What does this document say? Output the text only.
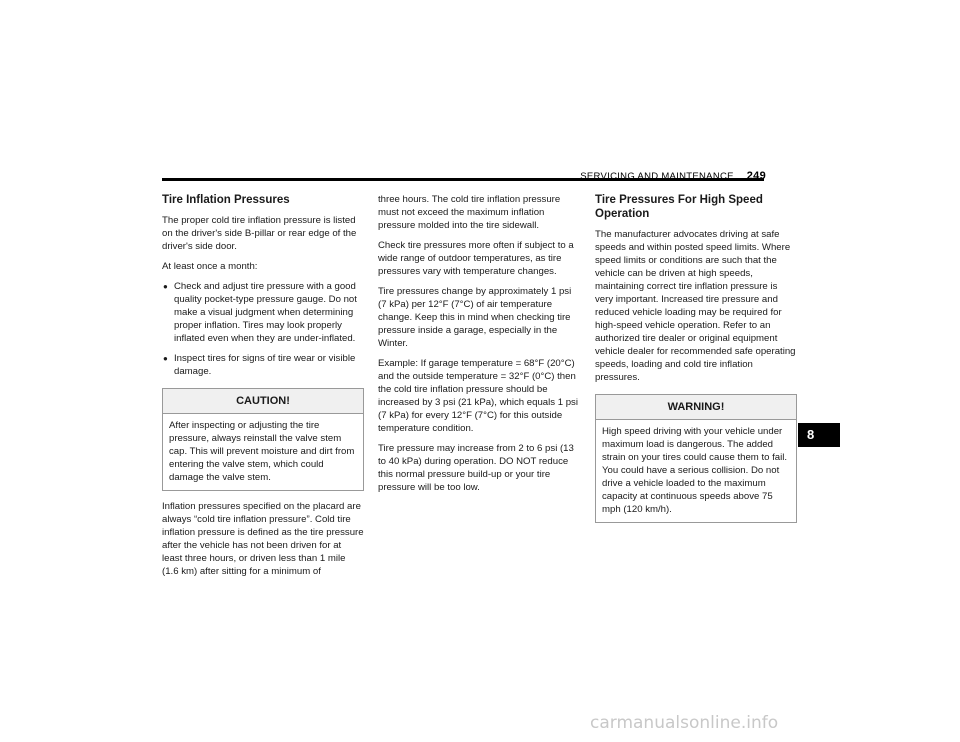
SERVICING AND MAINTENANCE 249
Tire Inflation Pressures

The proper cold tire inflation pressure is listed on the driver's side B-pillar or rear edge of the driver's side door.

At least once a month:

● Check and adjust tire pressure with a good quality pocket-type pressure gauge. Do not make a visual judgment when determining proper inflation. Tires may look properly inflated even when they are under-inflated.
● Inspect tires for signs of tire wear or visible damage.
CAUTION!
After inspecting or adjusting the tire pressure, always reinstall the valve stem cap. This will prevent moisture and dirt from entering the valve stem, which could damage the valve stem.

Inflation pressures specified on the placard are always “cold tire inflation pressure”. Cold tire inflation pressure is defined as the tire pressure after the vehicle has not been driven for at least three hours, or driven less than 1 mile (1.6 km) after sitting for a minimum of

three hours. The cold tire inflation pressure must not exceed the maximum inflation pressure molded into the tire sidewall.

Check tire pressures more often if subject to a wide range of outdoor temperatures, as tire pressures vary with temperature changes.

Tire pressures change by approximately 1 psi (7 kPa) per 12°F (7°C) of air temperature change. Keep this in mind when checking tire pressure inside a garage, especially in the Winter.

Example: If garage temperature = 68°F (20°C) and the outside temperature = 32°F (0°C) then the cold tire inflation pressure should be increased by 3 psi (21 kPa), which equals 1 psi (7 kPa) for every 12°F (7°C) for this outside temperature condition.

Tire pressure may increase from 2 to 6 psi (13 to 40 kPa) during operation. DO NOT reduce this normal pressure build-up or your tire pressure will be too low.

Tire Pressures For High Speed Operation

The manufacturer advocates driving at safe speeds and within posted speed limits. Where speed limits or conditions are such that the vehicle can be driven at high speeds, maintaining correct tire inflation pressure is very important. Increased tire pressure and reduced vehicle loading may be required for high-speed vehicle operation. Refer to an authorized tire dealer or original equipment vehicle dealer for recommended safe operating speeds, loading and cold tire inflation pressures.

WARNING!
High speed driving with your vehicle under maximum load is dangerous. The added strain on your tires could cause them to fail. You could have a serious collision. Do not drive a vehicle loaded to the maximum capacity at continuous speeds above 75 mph (120 km/h).
8
carmanualsonline.info
